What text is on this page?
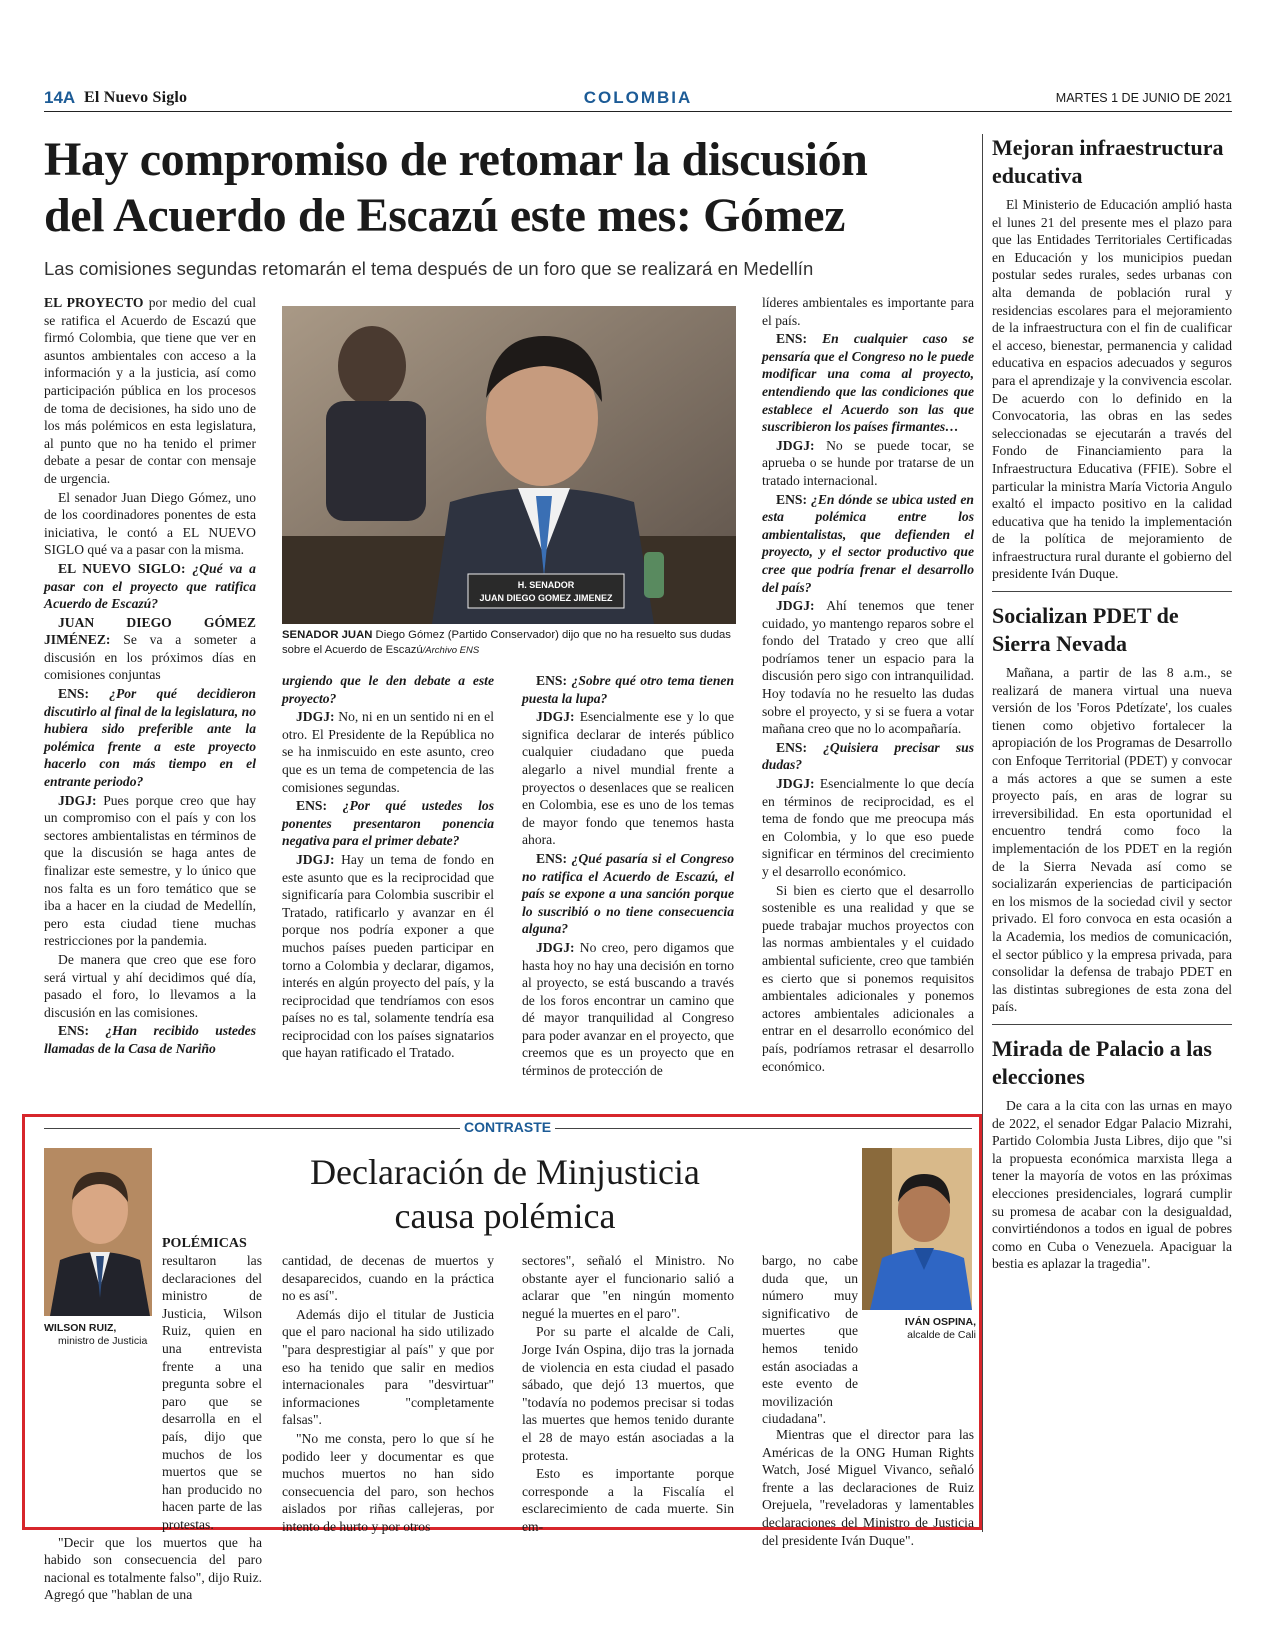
14A El Nuevo Siglo	COLOMBIA	MARTES 1 DE JUNIO DE 2021
Hay compromiso de retomar la discusión
del Acuerdo de Escazú este mes: Gómez
Las comisiones segundas retomarán el tema después de un foro que se realizará en Medellín

EL PROYECTO por medio del cual se ratifica el Acuerdo de Escazú que firmó Colombia, que tiene que ver en asuntos ambientales con acceso a la información y a la justicia, así como participación pública en los procesos de toma de decisiones, ha sido uno de los más polémicos en esta legislatura, al punto que no ha tenido el primer debate a pesar de contar con mensaje de urgencia.

El senador Juan Diego Gómez, uno de los coordinadores ponentes de esta iniciativa, le contó a EL NUEVO SIGLO qué va a pasar con la misma.

EL NUEVO SIGLO: ¿Qué va a pasar con el proyecto que ratifica Acuerdo de Escazú?

JUAN DIEGO GÓMEZ JIMÉNEZ: Se va a someter a discusión en los próximos días en comisiones conjuntas

ENS: ¿Por qué decidieron discutirlo al final de la legislatura, no hubiera sido preferible ante la polémica frente a este proyecto hacerlo con más tiempo en el entrante periodo?

JDGJ: Pues porque creo que hay un compromiso con el país y con los sectores ambientalistas en términos de que la discusión se haga antes de finalizar este semestre, y lo único que nos falta es un foro temático que se iba a hacer en la ciudad de Medellín, pero esta ciudad tiene muchas restricciones por la pandemia.

De manera que creo que ese foro será virtual y ahí decidimos qué día, pasado el foro, lo llevamos a la discusión en las comisiones.

ENS: ¿Han recibido ustedes llamadas de la Casa de Nariño

H. SENADOR
JUAN DIEGO GOMEZ JIMENEZ
SENADOR JUAN Diego Gómez (Partido Conservador) dijo que no ha resuelto sus dudas sobre el Acuerdo de Escazú/Archivo ENS

urgiendo que le den debate a este proyecto?

JDGJ: No, ni en un sentido ni en el otro. El Presidente de la República no se ha inmiscuido en este asunto, creo que es un tema de competencia de las comisiones segundas.

ENS: ¿Por qué ustedes los ponentes presentaron ponencia negativa para el primer debate?

JDGJ: Hay un tema de fondo en este asunto que es la reciprocidad que significaría para Colombia suscribir el Tratado, ratificarlo y avanzar en él porque nos podría exponer a que muchos países pueden participar en torno a Colombia y declarar, digamos, interés en algún proyecto del país, y la reciprocidad que tendríamos con esos países no es tal, solamente tendría esa reciprocidad con los países signatarios que hayan ratificado el Tratado.

ENS: ¿Sobre qué otro tema tienen puesta la lupa?

JDGJ: Esencialmente ese y lo que significa declarar de interés público cualquier ciudadano que pueda alegarlo a nivel mundial frente a proyectos o desenlaces que se realicen en Colombia, ese es uno de los temas de mayor fondo que tenemos hasta ahora.

ENS: ¿Qué pasaría si el Congreso no ratifica el Acuerdo de Escazú, el país se expone a una sanción porque lo suscribió o no tiene consecuencia alguna?

JDGJ: No creo, pero digamos que hasta hoy no hay una decisión en torno al proyecto, se está buscando a través de los foros encontrar un camino que dé mayor tranquilidad al Congreso para poder avanzar en el proyecto, que creemos que es un proyecto que en términos de protección de

líderes ambientales es importante para el país.

ENS: En cualquier caso se pensaría que el Congreso no le puede modificar una coma al proyecto, entendiendo que las condiciones que establece el Acuerdo son las que suscribieron los países firmantes…

JDGJ: No se puede tocar, se aprueba o se hunde por tratarse de un tratado internacional.

ENS: ¿En dónde se ubica usted en esta polémica entre los ambientalistas, que defienden el proyecto, y el sector productivo que cree que podría frenar el desarrollo del país?

JDGJ: Ahí tenemos que tener cuidado, yo mantengo reparos sobre el fondo del Tratado y creo que allí podríamos tener un espacio para la discusión pero sigo con intranquilidad. Hoy todavía no he resuelto las dudas sobre el proyecto, y si se fuera a votar mañana creo que no lo acompañaría.

ENS: ¿Quisiera precisar sus dudas?

JDGJ: Esencialmente lo que decía en términos de reciprocidad, es el tema de fondo que me preocupa más en Colombia, y lo que eso puede significar en términos del crecimiento y el desarrollo económico.

Si bien es cierto que el desarrollo sostenible es una realidad y que se puede trabajar muchos proyectos con las normas ambientales y el cuidado ambiental suficiente, creo que también es cierto que si ponemos requisitos ambientales adicionales y ponemos actores ambientales adicionales a entrar en el desarrollo económico del país, podríamos retrasar el desarrollo económico.

Mejoran infraestructura educativa

El Ministerio de Educación amplió hasta el lunes 21 del presente mes el plazo para que las Entidades Territoriales Certificadas en Educación y los municipios puedan postular sedes rurales, sedes urbanas con alta demanda de población rural y residencias escolares para el mejoramiento de la infraestructura con el fin de cualificar el acceso, bienestar, permanencia y calidad educativa en espacios adecuados y seguros para el aprendizaje y la convivencia escolar. De acuerdo con lo definido en la Convocatoria, las obras en las sedes seleccionadas se ejecutarán a través del Fondo de Financiamiento para la Infraestructura Educativa (FFIE). Sobre el particular la ministra María Victoria Angulo exaltó el impacto positivo en la calidad educativa que ha tenido la implementación de la política de mejoramiento de infraestructura rural durante el gobierno del presidente Iván Duque.

Socializan PDET de Sierra Nevada

Mañana, a partir de las 8 a.m., se realizará de manera virtual una nueva versión de los 'Foros Pdetízate', los cuales tienen como objetivo fortalecer la apropiación de los Programas de Desarrollo con Enfoque Territorial (PDET) y convocar a más actores a que se sumen a este proyecto país, en aras de lograr su irreversibilidad. En esta oportunidad el encuentro tendrá como foco la implementación de los PDET en la región de la Sierra Nevada así como se socializarán experiencias de participación en los mismos de la sociedad civil y sector privado. El foro convoca en esta ocasión a la Academia, los medios de comunicación, el sector público y la empresa privada, para consolidar la defensa de trabajo PDET en las distintas subregiones de esta zona del país.

Mirada de Palacio a las elecciones

De cara a la cita con las urnas en mayo de 2022, el senador Edgar Palacio Mizrahi, Partido Colombia Justa Libres, dijo que "si la propuesta económica marxista llega a tener la mayoría de votos en las próximas elecciones presidenciales, logrará cumplir su promesa de acabar con la desigualdad, convirtiéndonos a todos en igual de pobres como en Cuba o Venezuela. Apaciguar la bestia es aplazar la tragedia".

CONTRASTE
Declaración de Minjusticia
causa polémica
WILSON RUIZ,
ministro de Justicia
IVÁN OSPINA,
alcalde de Cali

POLÉMICAS

resultaron las declaraciones del ministro de Justicia, Wilson Ruiz, quien en una entrevista frente a una pregunta sobre el paro que se desarrolla en el país, dijo que muchos de los muertos que se han producido no hacen parte de las protestas.

"Decir que los muertos que ha habido son consecuencia del paro nacional es totalmente falso", dijo Ruiz. Agregó que "hablan de una

cantidad, de decenas de muertos y desaparecidos, cuando en la práctica no es así".

Además dijo el titular de Justicia que el paro nacional ha sido utilizado "para desprestigiar al país" y que por eso ha tenido que salir en medios internacionales para "desvirtuar" informaciones "completamente falsas".

"No me consta, pero lo que sí he podido leer y documentar es que muchos muertos no han sido consecuencia del paro, son hechos aislados por riñas callejeras, por intento de hurto y por otros

sectores", señaló el Ministro. No obstante ayer el funcionario salió a aclarar que "en ningún momento negué la muertes en el paro".

Por su parte el alcalde de Cali, Jorge Iván Ospina, dijo tras la jornada de violencia en esta ciudad el pasado sábado, que dejó 13 muertos, que "todavía no podemos precisar si todas las muertes que hemos tenido durante el 28 de mayo están asociadas a la protesta.

Esto es importante porque corresponde a la Fiscalía el esclarecimiento de cada muerte. Sin em-

bargo, no cabe duda que, un número muy significativo de muertes que hemos tenido están asociadas a este evento de movilización ciudadana".

Mientras que el director para las Américas de la ONG Human Rights Watch, José Miguel Vivanco, señaló frente a las declaraciones de Ruiz Orejuela, "reveladoras y lamentables declaraciones del Ministro de Justicia del presidente Iván Duque".
